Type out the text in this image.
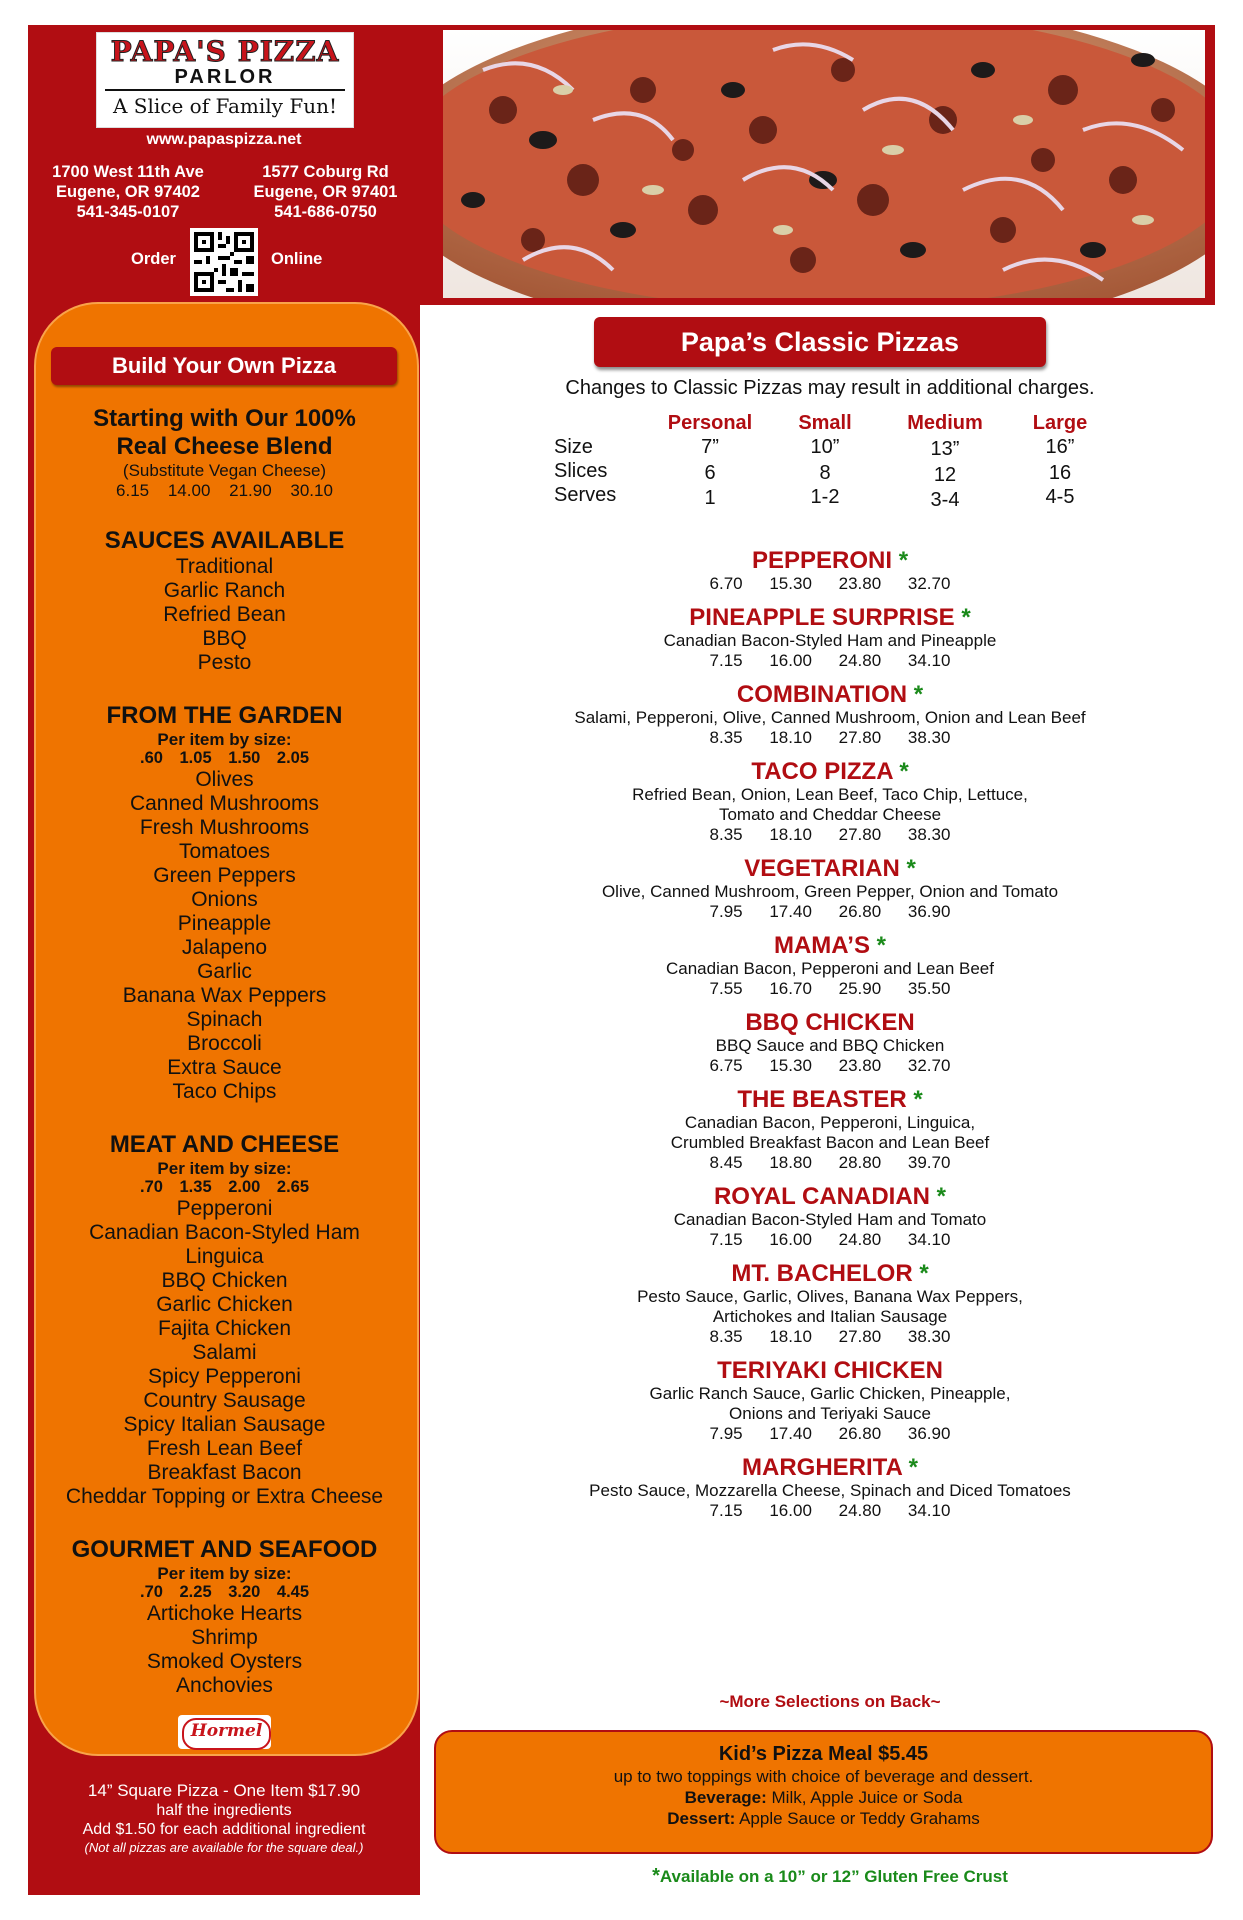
PAPA'S PIZZA
PARLOR
A Slice of Family Fun!
www.papaspizza.net
1700 West 11th Ave
Eugene, OR 97402
541-345-0107
1577 Coburg Rd
Eugene, OR 97401
541-686-0750
Order	Online
Build Your Own Pizza
Starting with Our 100%
Real Cheese Blend
(Substitute Vegan Cheese)
6.15 14.00 21.90 30.10
SAUCES AVAILABLE
Traditional
Garlic Ranch
Refried Bean
BBQ
Pesto
FROM THE GARDEN
Per item by size:
.60 1.05 1.50 2.05
Olives
Canned Mushrooms
Fresh Mushrooms
Tomatoes
Green Peppers
Onions
Pineapple
Jalapeno
Garlic
Banana Wax Peppers
Spinach
Broccoli
Extra Sauce
Taco Chips
MEAT AND CHEESE
Per item by size:
.70 1.35 2.00 2.65
Pepperoni
Canadian Bacon-Styled Ham
Linguica
BBQ Chicken
Garlic Chicken
Fajita Chicken
Salami
Spicy Pepperoni
Country Sausage
Spicy Italian Sausage
Fresh Lean Beef
Breakfast Bacon
Cheddar Topping or Extra Cheese
GOURMET AND SEAFOOD
Per item by size:
.70 2.25 3.20 4.45
Artichoke Hearts
Shrimp
Smoked Oysters
Anchovies
Hormel
14” Square Pizza - One Item $17.90
half the ingredients
Add $1.50 for each additional ingredient
(Not all pizzas are available for the square deal.)
Papa’s Classic Pizzas
Changes to Classic Pizzas may result in additional charges.
Personal	Small	Medium	Large
Size	7”	10”	13”	16”
Slices	6	8	12	16
Serves	1	1-2	3-4	4-5
PEPPERONI *
6.70 15.30 23.80 32.70
PINEAPPLE SURPRISE *
Canadian Bacon-Styled Ham and Pineapple
7.15 16.00 24.80 34.10
COMBINATION *
Salami, Pepperoni, Olive, Canned Mushroom, Onion and Lean Beef
8.35 18.10 27.80 38.30
TACO PIZZA *
Refried Bean, Onion, Lean Beef, Taco Chip, Lettuce,
Tomato and Cheddar Cheese
8.35 18.10 27.80 38.30
VEGETARIAN *
Olive, Canned Mushroom, Green Pepper, Onion and Tomato
7.95 17.40 26.80 36.90
MAMA’S *
Canadian Bacon, Pepperoni and Lean Beef
7.55 16.70 25.90 35.50
BBQ CHICKEN
BBQ Sauce and BBQ Chicken
6.75 15.30 23.80 32.70
THE BEASTER *
Canadian Bacon, Pepperoni, Linguica,
Crumbled Breakfast Bacon and Lean Beef
8.45 18.80 28.80 39.70
ROYAL CANADIAN *
Canadian Bacon-Styled Ham and Tomato
7.15 16.00 24.80 34.10
MT. BACHELOR *
Pesto Sauce, Garlic, Olives, Banana Wax Peppers,
Artichokes and Italian Sausage
8.35 18.10 27.80 38.30
TERIYAKI CHICKEN
Garlic Ranch Sauce, Garlic Chicken, Pineapple,
Onions and Teriyaki Sauce
7.95 17.40 26.80 36.90
MARGHERITA *
Pesto Sauce, Mozzarella Cheese, Spinach and Diced Tomatoes
7.15 16.00 24.80 34.10
~More Selections on Back~
Kid’s Pizza Meal $5.45
up to two toppings with choice of beverage and dessert.
Beverage: Milk, Apple Juice or Soda
Dessert: Apple Sauce or Teddy Grahams
*Available on a 10” or 12” Gluten Free Crust
